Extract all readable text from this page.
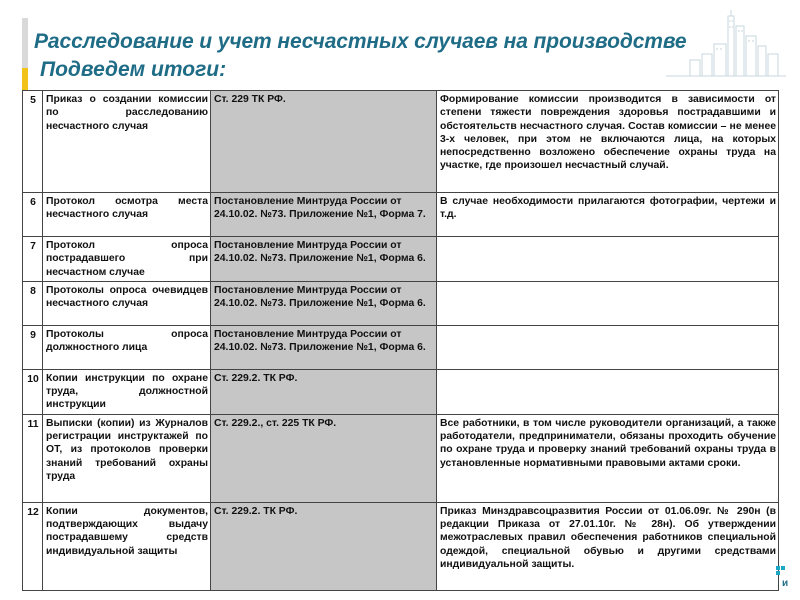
Расследование и учет несчастных случаев на производстве
Подведем итоги:
5	Приказ о создании комиссии по расследованию несчастного случая	Ст. 229 ТК РФ.	Формирование комиссии производится в зависимости от степени тяжести повреждения здоровья пострадавшими и обстоятельств несчастного случая. Состав комиссии – не менее 3-х человек, при этом не включаются лица, на которых непосредственно возложено обеспечение охраны труда на участке, где произошел несчастный случай.
6	Протокол осмотра места несчастного случая	Постановление Минтруда России от 24.10.02. №73. Приложение №1, Форма 7.	В случае необходимости прилагаются фотографии, чертежи и т.д.
7	Протокол опроса пострадавшего при несчастном случае	Постановление Минтруда России от 24.10.02. №73. Приложение №1, Форма 6.	
8	Протоколы опроса очевидцев несчастного случая	Постановление Минтруда России от 24.10.02. №73. Приложение №1, Форма 6.	
9	Протоколы опроса должностного лица	Постановление Минтруда России от 24.10.02. №73. Приложение №1, Форма 6.	
10	Копии инструкции по охране труда, должностной инструкции	Ст. 229.2. ТК РФ.	
11	Выписки (копии) из Журналов регистрации инструктажей по ОТ, из протоколов проверки знаний требований охраны труда	Ст. 229.2., ст. 225 ТК РФ.	Все работники, в том числе руководители организаций, а также работодатели, предприниматели, обязаны проходить обучение по охране труда и проверку знаний требований охраны труда в установленные нормативными правовыми актами сроки.
12	Копии документов, подтверждающих выдачу пострадавшему средств индивидуальной защиты	Ст. 229.2. ТК РФ.	Приказ Минздравсоцразвития России от 01.06.09г. № 290н (в редакции Приказа от 27.01.10г. № 28н). Об утверждении межотраслевых правил обеспечения работников специальной одеждой, специальной обувью и другими средствами индивидуальной защиты.
и
